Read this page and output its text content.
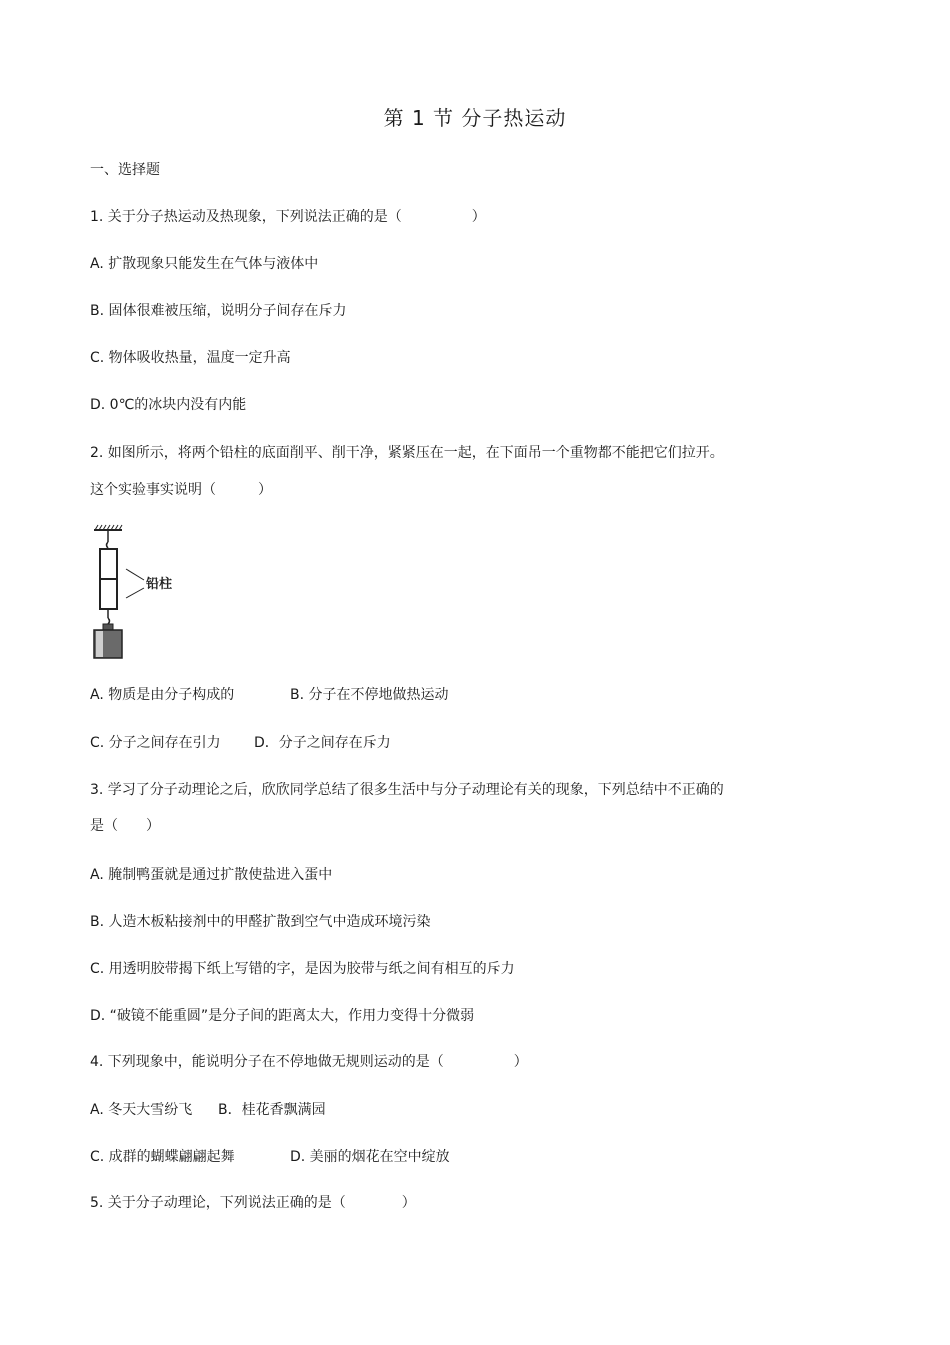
第 1 节 分子热运动
一、选择题
1. 关于分子热运动及热现象，下列说法正确的是（　　　　　）
A. 扩散现象只能发生在气体与液体中
B. 固体很难被压缩，说明分子间存在斥力
C. 物体吸收热量，温度一定升高
D. 0℃的冰块内没有内能
2. 如图所示，将两个铅柱的底面削平、削干净，紧紧压在一起，在下面吊一个重物都不能把它们拉开。
这个实验事实说明（　　　）
铅柱
A. 物质是由分子构成的	B. 分子在不停地做热运动
C. 分子之间存在引力 D．分子之间存在斥力
3. 学习了分子动理论之后，欣欣同学总结了很多生活中与分子动理论有关的现象，下列总结中不正确的
是（　　）
A. 腌制鸭蛋就是通过扩散使盐进入蛋中
B. 人造木板粘接剂中的甲醛扩散到空气中造成环境污染
C. 用透明胶带揭下纸上写错的字，是因为胶带与纸之间有相互的斥力
D. “破镜不能重圆”是分子间的距离太大，作用力变得十分微弱
4. 下列现象中，能说明分子在不停地做无规则运动的是（　　　　　）
A. 冬天大雪纷飞 B．桂花香飘满园
C. 成群的蝴蝶翩翩起舞	D. 美丽的烟花在空中绽放
5. 关于分子动理论，下列说法正确的是（　　　　）
